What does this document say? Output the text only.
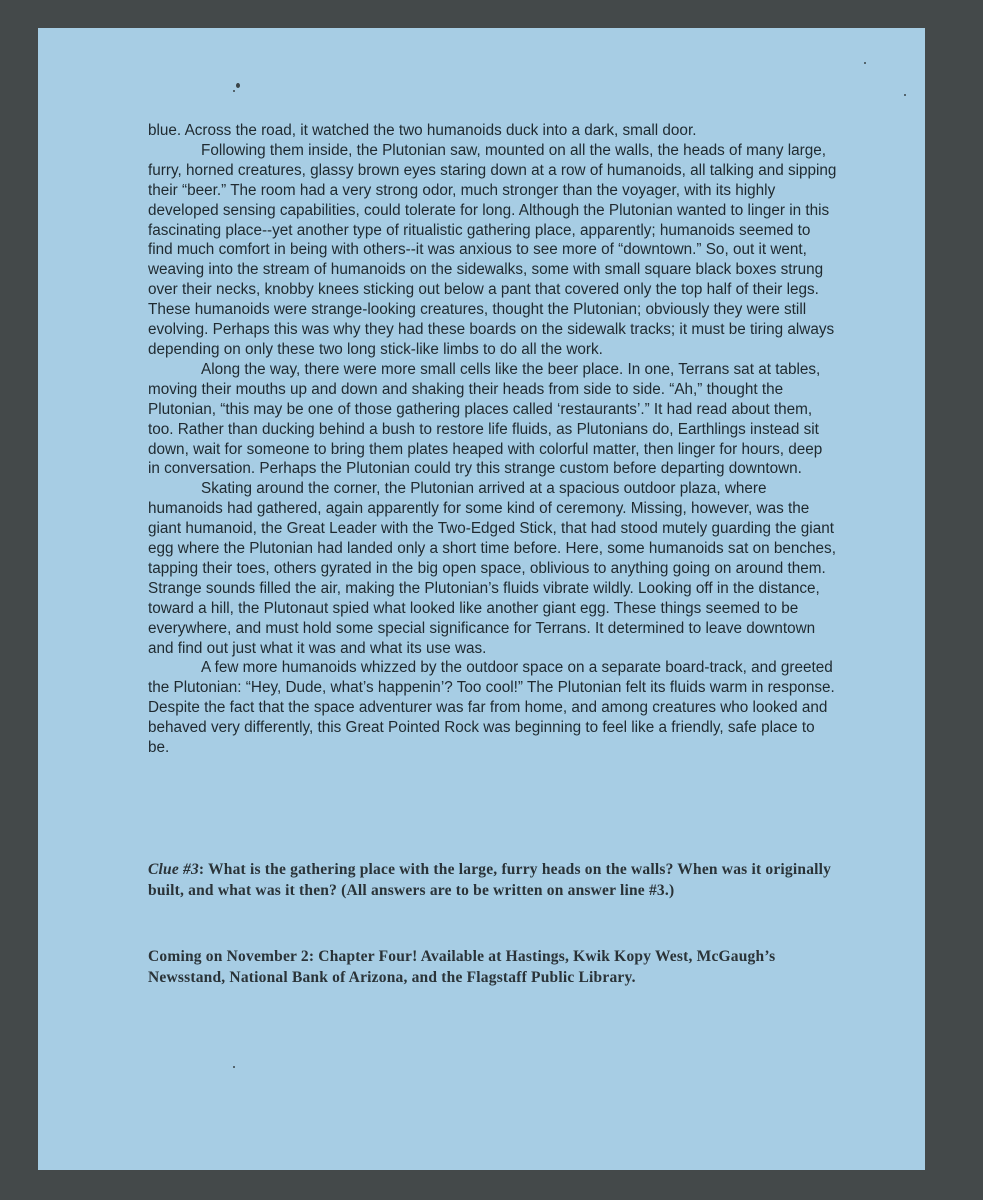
blue. Across the road, it watched the two humanoids duck into a dark, small door.

Following them inside, the Plutonian saw, mounted on all the walls, the heads of many large, furry, horned creatures, glassy brown eyes staring down at a row of humanoids, all talking and sipping their “beer.” The room had a very strong odor, much stronger than the voyager, with its highly developed sensing capabilities, could tolerate for long. Although the Plutonian wanted to linger in this fascinating place--yet another type of ritualistic gathering place, apparently; humanoids seemed to find much comfort in being with others--it was anxious to see more of “downtown.” So, out it went, weaving into the stream of humanoids on the sidewalks, some with small square black boxes strung over their necks, knobby knees sticking out below a pant that covered only the top half of their legs. These humanoids were strange-looking creatures, thought the Plutonian; obviously they were still evolving. Perhaps this was why they had these boards on the sidewalk tracks; it must be tiring always depending on only these two long stick-like limbs to do all the work.

Along the way, there were more small cells like the beer place. In one, Terrans sat at tables, moving their mouths up and down and shaking their heads from side to side. “Ah,” thought the Plutonian, “this may be one of those gathering places called ‘restaurants’.” It had read about them, too. Rather than ducking behind a bush to restore life fluids, as Plutonians do, Earthlings instead sit down, wait for someone to bring them plates heaped with colorful matter, then linger for hours, deep in conversation. Perhaps the Plutonian could try this strange custom before departing downtown.

Skating around the corner, the Plutonian arrived at a spacious outdoor plaza, where humanoids had gathered, again apparently for some kind of ceremony. Missing, however, was the giant humanoid, the Great Leader with the Two-Edged Stick, that had stood mutely guarding the giant egg where the Plutonian had landed only a short time before. Here, some humanoids sat on benches, tapping their toes, others gyrated in the big open space, oblivious to anything going on around them. Strange sounds filled the air, making the Plutonian’s fluids vibrate wildly. Looking off in the distance, toward a hill, the Plutonaut spied what looked like another giant egg. These things seemed to be everywhere, and must hold some special significance for Terrans. It determined to leave downtown and find out just what it was and what its use was.

A few more humanoids whizzed by the outdoor space on a separate board-track, and greeted the Plutonian: “Hey, Dude, what’s happenin’? Too cool!” The Plutonian felt its fluids warm in response. Despite the fact that the space adventurer was far from home, and among creatures who looked and behaved very differently, this Great Pointed Rock was beginning to feel like a friendly, safe place to be.

Clue #3: What is the gathering place with the large, furry heads on the walls? When was it originally built, and what was it then? (All answers are to be written on answer line #3.)
Coming on November 2: Chapter Four! Available at Hastings, Kwik Kopy West, McGaugh’s Newsstand, National Bank of Arizona, and the Flagstaff Public Library.
